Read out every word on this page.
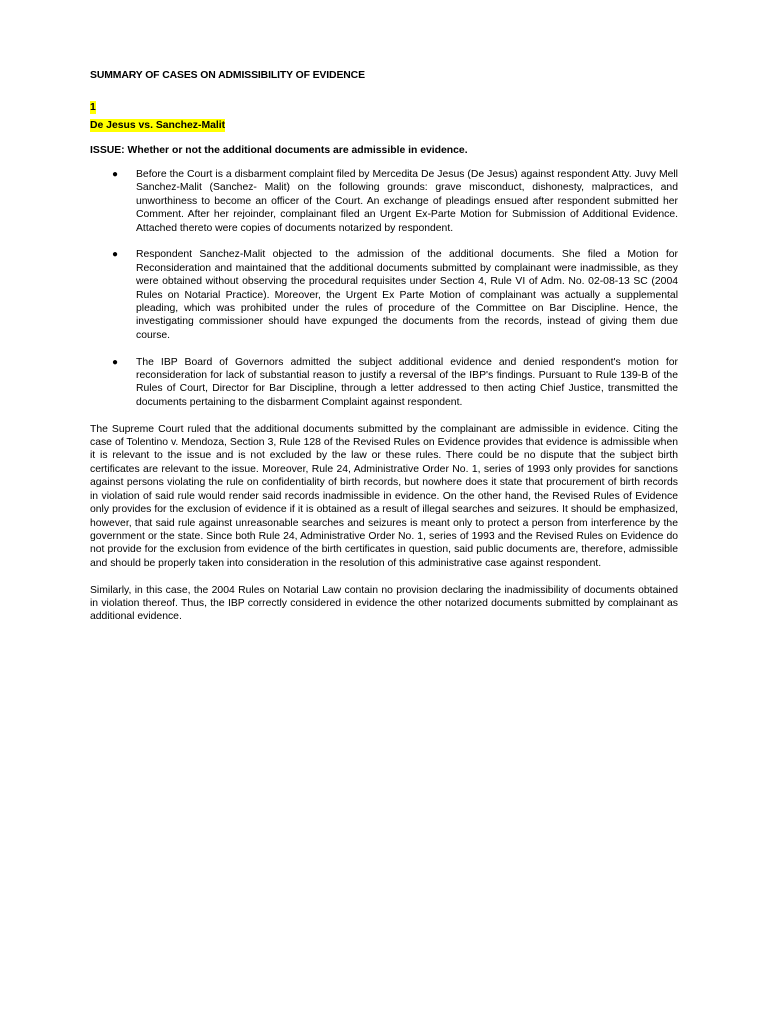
SUMMARY OF CASES ON ADMISSIBILITY OF EVIDENCE
1
De Jesus vs. Sanchez-Malit
ISSUE: Whether or not the additional documents are admissible in evidence.
● Before the Court is a disbarment complaint filed by Mercedita De Jesus (De Jesus) against respondent Atty. Juvy Mell Sanchez-Malit (Sanchez- Malit) on the following grounds: grave misconduct, dishonesty, malpractices, and unworthiness to become an officer of the Court. An exchange of pleadings ensued after respondent submitted her Comment. After her rejoinder, complainant filed an Urgent Ex-Parte Motion for Submission of Additional Evidence. Attached thereto were copies of documents notarized by respondent.
● Respondent Sanchez-Malit objected to the admission of the additional documents. She filed a Motion for Reconsideration and maintained that the additional documents submitted by complainant were inadmissible, as they were obtained without observing the procedural requisites under Section 4, Rule VI of Adm. No. 02-08-13 SC (2004 Rules on Notarial Practice). Moreover, the Urgent Ex Parte Motion of complainant was actually a supplemental pleading, which was prohibited under the rules of procedure of the Committee on Bar Discipline. Hence, the investigating commissioner should have expunged the documents from the records, instead of giving them due course.
● The IBP Board of Governors admitted the subject additional evidence and denied respondent's motion for reconsideration for lack of substantial reason to justify a reversal of the IBP's findings. Pursuant to Rule 139-B of the Rules of Court, Director for Bar Discipline, through a letter addressed to then acting Chief Justice, transmitted the documents pertaining to the disbarment Complaint against respondent.

The Supreme Court ruled that the additional documents submitted by the complainant are admissible in evidence. Citing the case of Tolentino v. Mendoza, Section 3, Rule 128 of the Revised Rules on Evidence provides that evidence is admissible when it is relevant to the issue and is not excluded by the law or these rules. There could be no dispute that the subject birth certificates are relevant to the issue. Moreover, Rule 24, Administrative Order No. 1, series of 1993 only provides for sanctions against persons violating the rule on confidentiality of birth records, but nowhere does it state that procurement of birth records in violation of said rule would render said records inadmissible in evidence. On the other hand, the Revised Rules of Evidence only provides for the exclusion of evidence if it is obtained as a result of illegal searches and seizures. It should be emphasized, however, that said rule against unreasonable searches and seizures is meant only to protect a person from interference by the government or the state. Since both Rule 24, Administrative Order No. 1, series of 1993 and the Revised Rules on Evidence do not provide for the exclusion from evidence of the birth certificates in question, said public documents are, therefore, admissible and should be properly taken into consideration in the resolution of this administrative case against respondent.

Similarly, in this case, the 2004 Rules on Notarial Law contain no provision declaring the inadmissibility of documents obtained in violation thereof. Thus, the IBP correctly considered in evidence the other notarized documents submitted by complainant as additional evidence.
